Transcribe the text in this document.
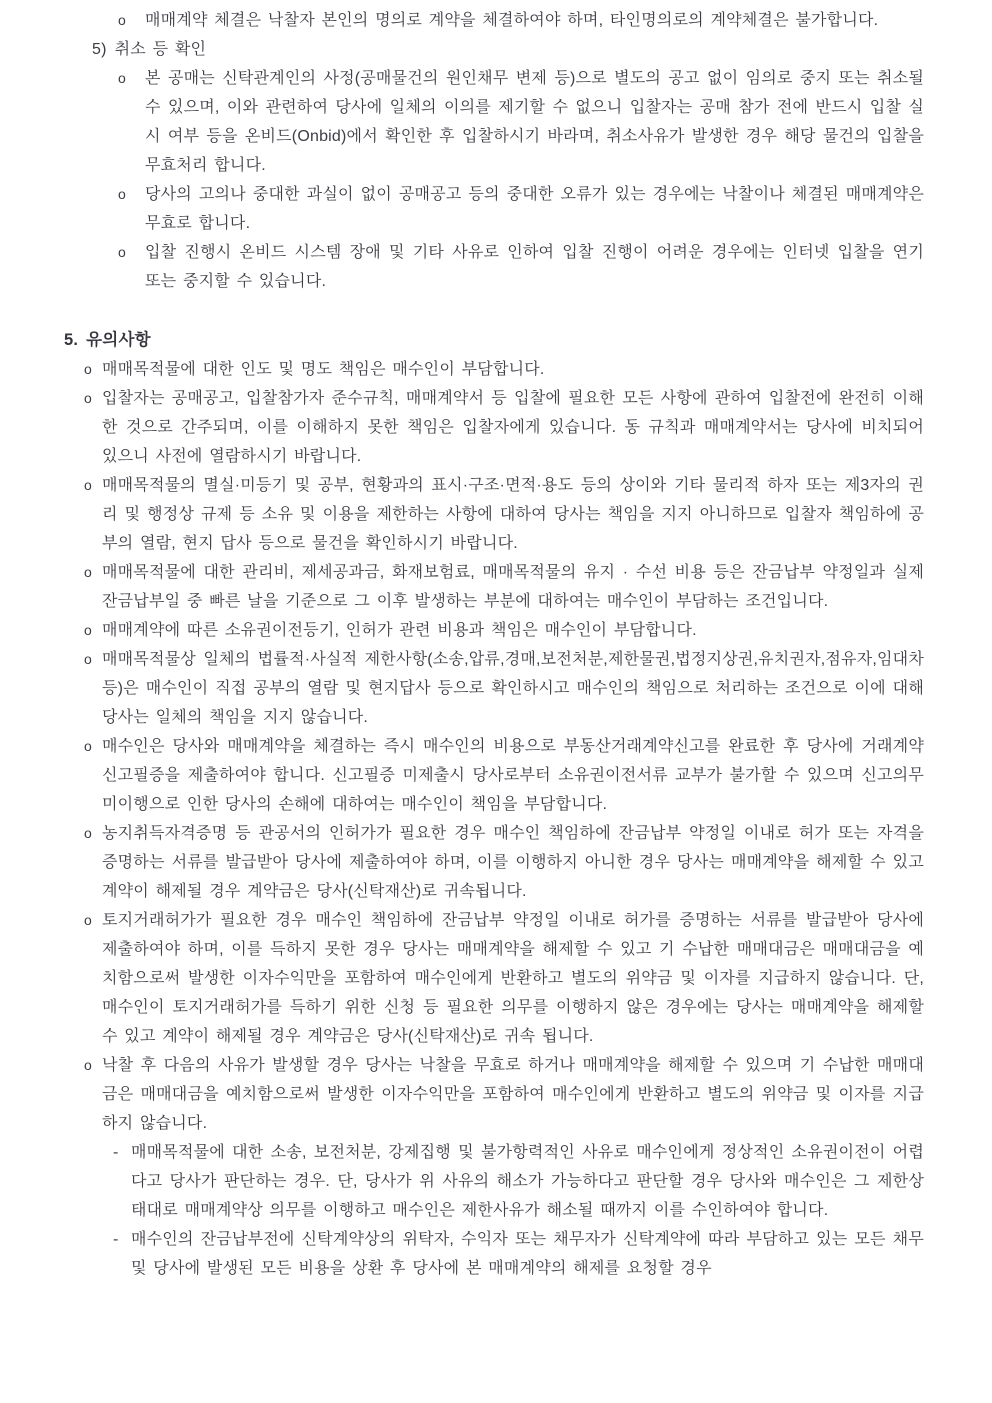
o	매매계약 체결은 낙찰자 본인의 명의로 계약을 체결하여야 하며, 타인명의로의 계약체결은 불가합니다.
5) 취소 등 확인
o	본 공매는 신탁관계인의 사정(공매물건의 원인채무 변제 등)으로 별도의 공고 없이 임의로 중지 또는 취소될 수 있으며, 이와 관련하여 당사에 일체의 이의를 제기할 수 없으니 입찰자는 공매 참가 전에 반드시 입찰 실시 여부 등을 온비드(Onbid)에서 확인한 후 입찰하시기 바라며, 취소사유가 발생한 경우 해당 물건의 입찰을 무효처리 합니다.
o	당사의 고의나 중대한 과실이 없이 공매공고 등의 중대한 오류가 있는 경우에는 낙찰이나 체결된 매매계약은 무효로 합니다.
o	입찰 진행시 온비드 시스템 장애 및 기타 사유로 인하여 입찰 진행이 어려운 경우에는 인터넷 입찰을 연기 또는 중지할 수 있습니다.
5. 유의사항
o 매매목적물에 대한 인도 및 명도 책임은 매수인이 부담합니다.
o 입찰자는 공매공고, 입찰참가자 준수규칙, 매매계약서 등 입찰에 필요한 모든 사항에 관하여 입찰전에 완전히 이해한 것으로 간주되며, 이를 이해하지 못한 책임은 입찰자에게 있습니다. 동 규칙과 매매계약서는 당사에 비치되어 있으니 사전에 열람하시기 바랍니다.
o 매매목적물의 멸실·미등기 및 공부, 현황과의 표시·구조·면적·용도 등의 상이와 기타 물리적 하자 또는 제3자의 권리 및 행정상 규제 등 소유 및 이용을 제한하는 사항에 대하여 당사는 책임을 지지 아니하므로 입찰자 책임하에 공부의 열람, 현지 답사 등으로 물건을 확인하시기 바랍니다.
o 매매목적물에 대한 관리비, 제세공과금, 화재보험료, 매매목적물의 유지 · 수선 비용 등은 잔금납부 약정일과 실제 잔금납부일 중 빠른 날을 기준으로 그 이후 발생하는 부분에 대하여는 매수인이 부담하는 조건입니다.
o 매매계약에 따른 소유권이전등기, 인허가 관련 비용과 책임은 매수인이 부담합니다.
o 매매목적물상 일체의 법률적·사실적 제한사항(소송,압류,경매,보전처분,제한물권,법정지상권,유치권자,점유자,임대차 등)은 매수인이 직접 공부의 열람 및 현지답사 등으로 확인하시고 매수인의 책임으로 처리하는 조건으로 이에 대해 당사는 일체의 책임을 지지 않습니다.
o 매수인은 당사와 매매계약을 체결하는 즉시 매수인의 비용으로 부동산거래계약신고를 완료한 후 당사에 거래계약신고필증을 제출하여야 합니다. 신고필증 미제출시 당사로부터 소유권이전서류 교부가 불가할 수 있으며 신고의무 미이행으로 인한 당사의 손해에 대하여는 매수인이 책임을 부담합니다.
o 농지취득자격증명 등 관공서의 인허가가 필요한 경우 매수인 책임하에 잔금납부 약정일 이내로 허가 또는 자격을 증명하는 서류를 발급받아 당사에 제출하여야 하며, 이를 이행하지 아니한 경우 당사는 매매계약을 해제할 수 있고 계약이 해제될 경우 계약금은 당사(신탁재산)로 귀속됩니다.
o 토지거래허가가 필요한 경우 매수인 책임하에 잔금납부 약정일 이내로 허가를 증명하는 서류를 발급받아 당사에 제출하여야 하며, 이를 득하지 못한 경우 당사는 매매계약을 해제할 수 있고 기 수납한 매매대금은 매매대금을 예치함으로써 발생한 이자수익만을 포함하여 매수인에게 반환하고 별도의 위약금 및 이자를 지급하지 않습니다. 단, 매수인이 토지거래허가를 득하기 위한 신청 등 필요한 의무를 이행하지 않은 경우에는 당사는 매매계약을 해제할 수 있고 계약이 해제될 경우 계약금은 당사(신탁재산)로 귀속 됩니다.
o 낙찰 후 다음의 사유가 발생할 경우 당사는 낙찰을 무효로 하거나 매매계약을 해제할 수 있으며 기 수납한 매매대금은 매매대금을 예치함으로써 발생한 이자수익만을 포함하여 매수인에게 반환하고 별도의 위약금 및 이자를 지급하지 않습니다.
- 매매목적물에 대한 소송, 보전처분, 강제집행 및 불가항력적인 사유로 매수인에게 정상적인 소유권이전이 어렵다고 당사가 판단하는 경우. 단, 당사가 위 사유의 해소가 가능하다고 판단할 경우 당사와 매수인은 그 제한상태대로 매매계약상 의무를 이행하고 매수인은 제한사유가 해소될 때까지 이를 수인하여야 합니다.
- 매수인의 잔금납부전에 신탁계약상의 위탁자, 수익자 또는 채무자가 신탁계약에 따라 부담하고 있는 모든 채무 및 당사에 발생된 모든 비용을 상환 후 당사에 본 매매계약의 해제를 요청할 경우
